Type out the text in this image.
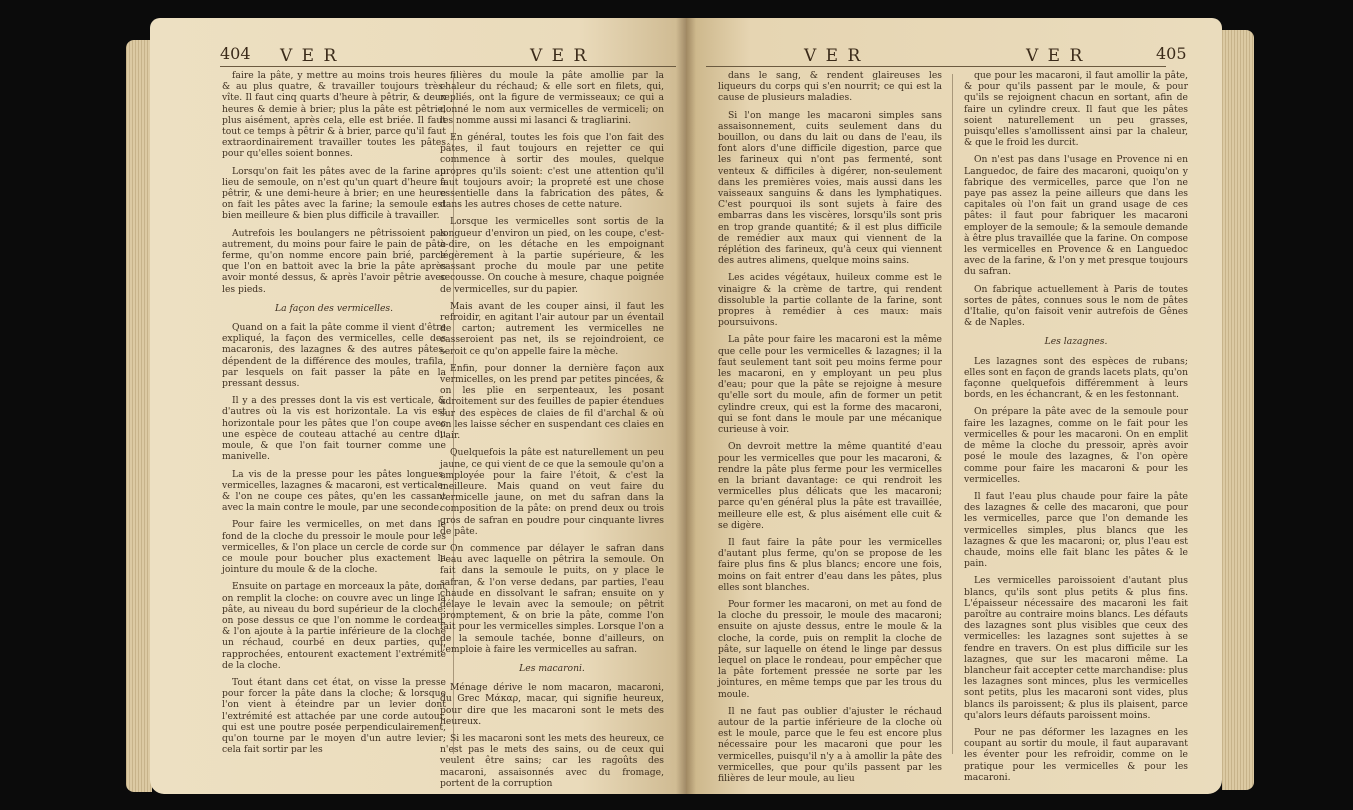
404 V E R	V E R

faire la pâte, y mettre au moins trois heures & au plus quatre, & travailler toujours très-vîte. Il faut cinq quarts d'heure à pêtrir, & deux heures & demie à brier; plus la pâte est pêtrie, plus aisément, après cela, elle est briée. Il faut tout ce temps à pêtrir & à brier, parce qu'il faut extraordinairement travailler toutes les pâtes pour qu'elles soient bonnes.

Lorsqu'on fait les pâtes avec de la farine au lieu de semoule, on n'est qu'un quart d'heure à pêtrir, & une demi-heure à brier; en une heure on fait les pâtes avec la farine; la semoule est bien meilleure & bien plus difficile à travailler.

Autrefois les boulangers ne pêtrissoient pas autrement, du moins pour faire le pain de pâte ferme, qu'on nomme encore pain brié, parce que l'on en battoit avec la brie la pâte après avoir monté dessus, & après l'avoir pêtrie avec les pieds.

La façon des vermicelles.

Quand on a fait la pâte comme il vient d'être expliqué, la façon des vermicelles, celle des macaronis, des lazagnes & des autres pâtes, dépendent de la différence des moules, trafila, par lesquels on fait passer la pâte en la pressant dessus.

Il y a des presses dont la vis est verticale, & d'autres où la vis est horizontale. La vis est horizontale pour les pâtes que l'on coupe avec une espèce de couteau attaché au centre du moule, & que l'on fait tourner comme une manivelle.

La vis de la presse pour les pâtes longues, vermicelles, lazagnes & macaroni, est verticale; & l'on ne coupe ces pâtes, qu'en les cassant avec la main contre le moule, par une seconde.

Pour faire les vermicelles, on met dans le fond de la cloche du pressoir le moule pour les vermicelles, & l'on place un cercle de corde sur ce moule pour boucher plus exactement la jointure du moule & de la cloche.

Ensuite on partage en morceaux la pâte, dont on remplit la cloche: on couvre avec un linge la pâte, au niveau du bord supérieur de la cloche: on pose dessus ce que l'on nomme le cordeau, & l'on ajoute à la partie inférieure de la cloche un réchaud, courbé en deux parties, qui, rapprochées, entourent exactement l'extrémité de la cloche.

Tout étant dans cet état, on visse la presse pour forcer la pâte dans la cloche; & lorsque l'on vient à éteindre par un levier dont l'extrémité est attachée par une corde autour, qui est une poutre posée perpendiculairement, qu'on tourne par le moyen d'un autre levier; cela fait sortir par les

filières du moule la pâte amollie par la chaleur du réchaud; & elle sort en filets, qui, repliés, ont la figure de vermisseaux; ce qui a donné le nom aux vermicelles de vermiceli; on les nomme aussi mi lasanci & tragliarini.

En général, toutes les fois que l'on fait des pâtes, il faut toujours en rejetter ce qui commence à sortir des moules, quelque propres qu'ils soient: c'est une attention qu'il faut toujours avoir; la propreté est une chose essentielle dans la fabrication des pâtes, & dans les autres choses de cette nature.

Lorsque les vermicelles sont sortis de la longueur d'environ un pied, on les coupe, c'est-à-dire, on les détache en les empoignant légèrement à la partie supérieure, & les cassant proche du moule par une petite secousse. On couche à mesure, chaque poignée de vermicelles, sur du papier.

Mais avant de les couper ainsi, il faut les refroidir, en agitant l'air autour par un éventail de carton; autrement les vermicelles ne casseroient pas net, ils se rejoindroient, ce seroit ce qu'on appelle faire la mèche.

Enfin, pour donner la dernière façon aux vermicelles, on les prend par petites pincées, & on les plie en serpenteaux, les posant adroitement sur des feuilles de papier étendues sur des espèces de claies de fil d'archal & où on les laisse sécher en suspendant ces claies en l'air.

Quelquefois la pâte est naturellement un peu jaune, ce qui vient de ce que la semoule qu'on a employée pour la faire l'étoit, & c'est la meilleure. Mais quand on veut faire du vermicelle jaune, on met du safran dans la composition de la pâte: on prend deux ou trois gros de safran en poudre pour cinquante livres de pâte.

On commence par délayer le safran dans l'eau avec laquelle on pêtrira la semoule. On fait dans la semoule le puits, on y place le safran, & l'on verse dedans, par parties, l'eau chaude en dissolvant le safran; ensuite on y délaye le levain avec la semoule; on pêtrit promptement, & on brie la pâte, comme l'on fait pour les vermicelles simples. Lorsque l'on a de la semoule tachée, bonne d'ailleurs, on l'emploie à faire les vermicelles au safran.

Les macaroni.

Ménage dérive le nom macaron, macaroni, du Grec Μάκαρ, macar, qui signifie heureux, pour dire que les macaroni sont le mets des heureux.

Si les macaroni sont les mets des heureux, ce n'est pas le mets des sains, ou de ceux qui veulent être sains; car les ragoûts des macaroni, assaisonnés avec du fromage, portent de la corruption

V E R	V E R	405

dans le sang, & rendent glaireuses les liqueurs du corps qui s'en nourrit; ce qui est la cause de plusieurs maladies.

Si l'on mange les macaroni simples sans assaisonnement, cuits seulement dans du bouillon, ou dans du lait ou dans de l'eau, ils font alors d'une difficile digestion, parce que les farineux qui n'ont pas fermenté, sont venteux & difficiles à digérer, non-seulement dans les premières voies, mais aussi dans les vaisseaux sanguins & dans les lymphatiques. C'est pourquoi ils sont sujets à faire des embarras dans les viscères, lorsqu'ils sont pris en trop grande quantité; & il est plus difficile de remédier aux maux qui viennent de la réplétion des farineux, qu'à ceux qui viennent des autres alimens, quelque moins sains.

Les acides végétaux, huileux comme est le vinaigre & la crème de tartre, qui rendent dissoluble la partie collante de la farine, sont propres à remédier à ces maux: mais poursuivons.

La pâte pour faire les macaroni est la même que celle pour les vermicelles & lazagnes; il la faut seulement tant soit peu moins ferme pour les macaroni, en y employant un peu plus d'eau; pour que la pâte se rejoigne à mesure qu'elle sort du moule, afin de former un petit cylindre creux, qui est la forme des macaroni, qui se font dans le moule par une mécanique curieuse à voir.

On devroit mettre la même quantité d'eau pour les vermicelles que pour les macaroni, & rendre la pâte plus ferme pour les vermicelles en la briant davantage: ce qui rendroit les vermicelles plus délicats que les macaroni; parce qu'en général plus la pâte est travaillée, meilleure elle est, & plus aisément elle cuit & se digère.

Il faut faire la pâte pour les vermicelles d'autant plus ferme, qu'on se propose de les faire plus fins & plus blancs; encore une fois, moins on fait entrer d'eau dans les pâtes, plus elles sont blanches.

Pour former les macaroni, on met au fond de la cloche du pressoir, le moule des macaroni; ensuite on ajuste dessus, entre le moule & la cloche, la corde, puis on remplit la cloche de pâte, sur laquelle on étend le linge par dessus lequel on place le rondeau, pour empêcher que la pâte fortement pressée ne sorte par les jointures, en même temps que par les trous du moule.

Il ne faut pas oublier d'ajuster le réchaud autour de la partie inférieure de la cloche où est le moule, parce que le feu est encore plus nécessaire pour les macaroni que pour les vermicelles, puisqu'il n'y a à amollir la pâte des vermicelles, que pour qu'ils passent par les filières de leur moule, au lieu

que pour les macaroni, il faut amollir la pâte, & pour qu'ils passent par le moule, & pour qu'ils se rejoignent chacun en sortant, afin de faire un cylindre creux. Il faut que les pâtes soient naturellement un peu grasses, puisqu'elles s'amollissent ainsi par la chaleur, & que le froid les durcit.

On n'est pas dans l'usage en Provence ni en Languedoc, de faire des macaroni, quoiqu'on y fabrique des vermicelles, parce que l'on ne paye pas assez la peine ailleurs que dans les capitales où l'on fait un grand usage de ces pâtes: il faut pour fabriquer les macaroni employer de la semoule; & la semoule demande à être plus travaillée que la farine. On compose les vermicelles en Provence & en Languedoc avec de la farine, & l'on y met presque toujours du safran.

On fabrique actuellement à Paris de toutes sortes de pâtes, connues sous le nom de pâtes d'Italie, qu'on faisoit venir autrefois de Gênes & de Naples.

Les lazagnes.

Les lazagnes sont des espèces de rubans; elles sont en façon de grands lacets plats, qu'on façonne quelquefois différemment à leurs bords, en les échancrant, & en les festonnant.

On prépare la pâte avec de la semoule pour faire les lazagnes, comme on le fait pour les vermicelles & pour les macaroni. On en emplit de même la cloche du pressoir, après avoir posé le moule des lazagnes, & l'on opère comme pour faire les macaroni & pour les vermicelles.

Il faut l'eau plus chaude pour faire la pâte des lazagnes & celle des macaroni, que pour les vermicelles, parce que l'on demande les vermicelles simples, plus blancs que les lazagnes & que les macaroni; or, plus l'eau est chaude, moins elle fait blanc les pâtes & le pain.

Les vermicelles paroissoient d'autant plus blancs, qu'ils sont plus petits & plus fins. L'épaisseur nécessaire des macaroni les fait paroître au contraire moins blancs. Les défauts des lazagnes sont plus visibles que ceux des vermicelles: les lazagnes sont sujettes à se fendre en travers. On est plus difficile sur les lazagnes, que sur les macaroni même. La blancheur fait accepter cette marchandise: plus les lazagnes sont minces, plus les vermicelles sont petits, plus les macaroni sont vides, plus blancs ils paroissent; & plus ils plaisent, parce qu'alors leurs défauts paroissent moins.

Pour ne pas déformer les lazagnes en les coupant au sortir du moule, il faut auparavant les éventer pour les refroidir, comme on le pratique pour les vermicelles & pour les macaroni.
